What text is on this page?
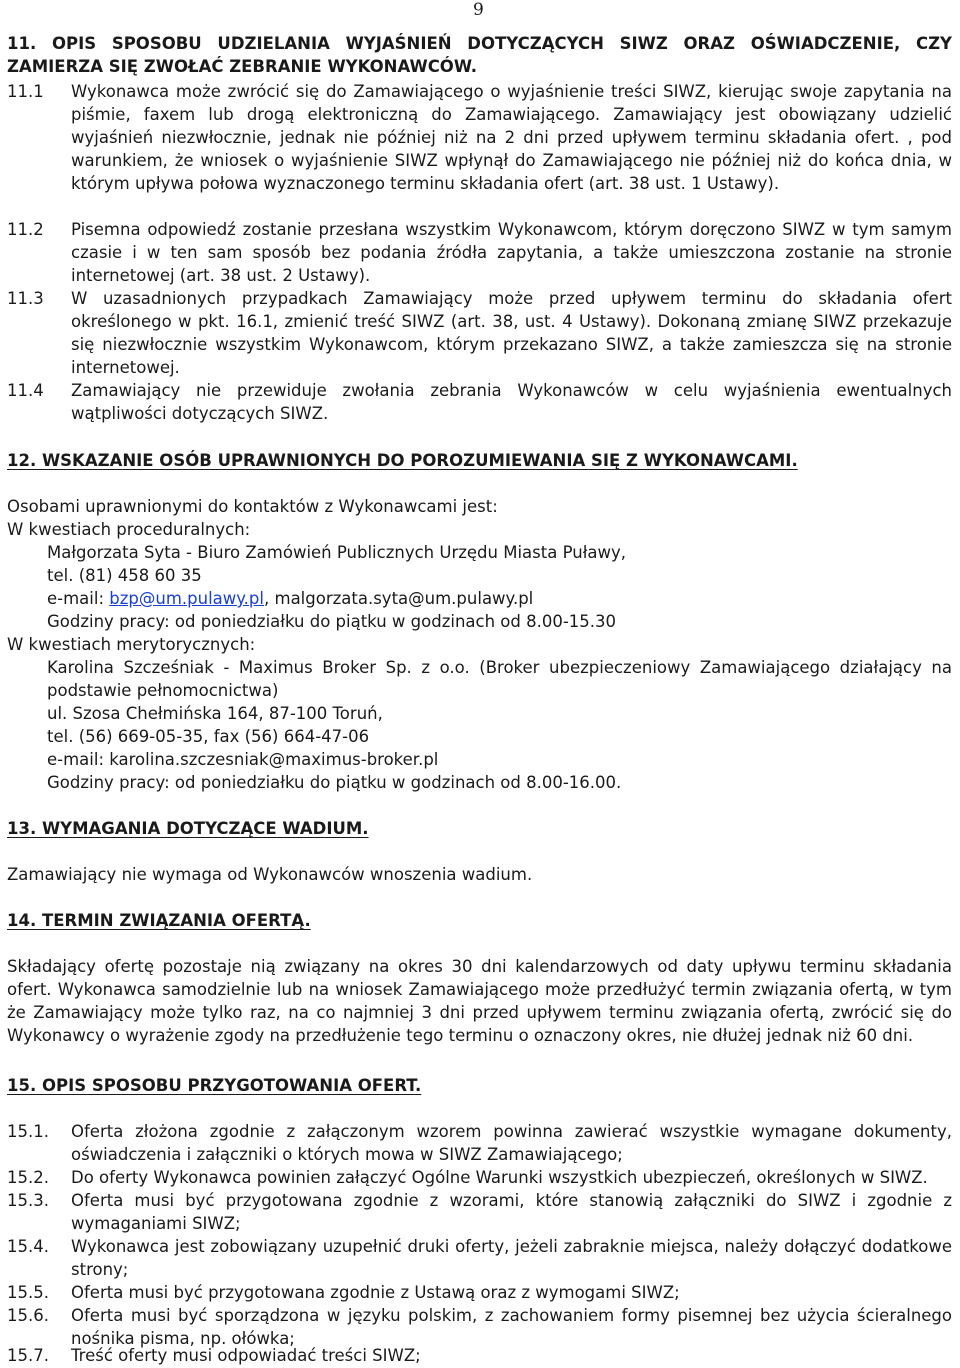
9
11. OPIS SPOSOBU UDZIELANIA WYJAŚNIEŃ DOTYCZĄCYCH SIWZ ORAZ OŚWIADCZENIE, CZY ZAMIERZA SIĘ ZWOŁAĆ ZEBRANIE WYKONAWCÓW.
11.1 Wykonawca może zwrócić się do Zamawiającego o wyjaśnienie treści SIWZ, kierując swoje zapytania na piśmie, faxem lub drogą elektroniczną do Zamawiającego. Zamawiający jest obowiązany udzielić wyjaśnień niezwłocznie, jednak nie później niż na 2 dni przed upływem terminu składania ofert. , pod warunkiem, że wniosek o wyjaśnienie SIWZ wpłynął do Zamawiającego nie później niż do końca dnia, w którym upływa połowa wyznaczonego terminu składania ofert (art. 38 ust. 1 Ustawy).
11.2 Pisemna odpowiedź zostanie przesłana wszystkim Wykonawcom, którym doręczono SIWZ w tym samym czasie i w ten sam sposób bez podania źródła zapytania, a także umieszczona zostanie na stronie internetowej (art. 38 ust. 2 Ustawy).
11.3 W uzasadnionych przypadkach Zamawiający może przed upływem terminu do składania ofert określonego w pkt. 16.1, zmienić treść SIWZ (art. 38, ust. 4 Ustawy). Dokonaną zmianę SIWZ przekazuje się niezwłocznie wszystkim Wykonawcom, którym przekazano SIWZ, a także zamieszcza się na stronie internetowej.
11.4 Zamawiający nie przewiduje zwołania zebrania Wykonawców w celu wyjaśnienia ewentualnych wątpliwości dotyczących SIWZ.
12. WSKAZANIE OSÓB UPRAWNIONYCH DO POROZUMIEWANIA SIĘ Z WYKONAWCAMI.
Osobami uprawnionymi do kontaktów z Wykonawcami jest:
W kwestiach proceduralnych:
Małgorzata Syta - Biuro Zamówień Publicznych Urzędu Miasta Puławy,
tel. (81) 458 60 35
e-mail: bzp@um.pulawy.pl, malgorzata.syta@um.pulawy.pl
Godziny pracy: od poniedziałku do piątku w godzinach od 8.00-15.30
W kwestiach merytorycznych:
Karolina Szcześniak - Maximus Broker Sp. z o.o. (Broker ubezpieczeniowy Zamawiającego działający na podstawie pełnomocnictwa)
ul. Szosa Chełmińska 164, 87-100 Toruń,
tel. (56) 669-05-35, fax (56) 664-47-06
e-mail: karolina.szczesniak@maximus-broker.pl
Godziny pracy: od poniedziałku do piątku w godzinach od 8.00-16.00.
13. WYMAGANIA DOTYCZĄCE WADIUM.
Zamawiający nie wymaga od Wykonawców wnoszenia wadium.
14. TERMIN ZWIĄZANIA OFERTĄ.
Składający ofertę pozostaje nią związany na okres 30 dni kalendarzowych od daty upływu terminu składania ofert. Wykonawca samodzielnie lub na wniosek Zamawiającego może przedłużyć termin związania ofertą, w tym że Zamawiający może tylko raz, na co najmniej 3 dni przed upływem terminu związania ofertą, zwrócić się do Wykonawcy o wyrażenie zgody na przedłużenie tego terminu o oznaczony okres, nie dłużej jednak niż 60 dni.
15. OPIS SPOSOBU PRZYGOTOWANIA OFERT.
15.1. Oferta złożona zgodnie z załączonym wzorem powinna zawierać wszystkie wymagane dokumenty, oświadczenia i załączniki o których mowa w SIWZ Zamawiającego;
15.2. Do oferty Wykonawca powinien załączyć Ogólne Warunki wszystkich ubezpieczeń, określonych w SIWZ.
15.3. Oferta musi być przygotowana zgodnie z wzorami, które stanowią załączniki do SIWZ i zgodnie z wymaganiami SIWZ;
15.4. Wykonawca jest zobowiązany uzupełnić druki oferty, jeżeli zabraknie miejsca, należy dołączyć dodatkowe strony;
15.5. Oferta musi być przygotowana zgodnie z Ustawą oraz z wymogami SIWZ;
15.6. Oferta musi być sporządzona w języku polskim, z zachowaniem formy pisemnej bez użycia ścieralnego nośnika pisma, np. ołówka;
15.7. Treść oferty musi odpowiadać treści SIWZ;
